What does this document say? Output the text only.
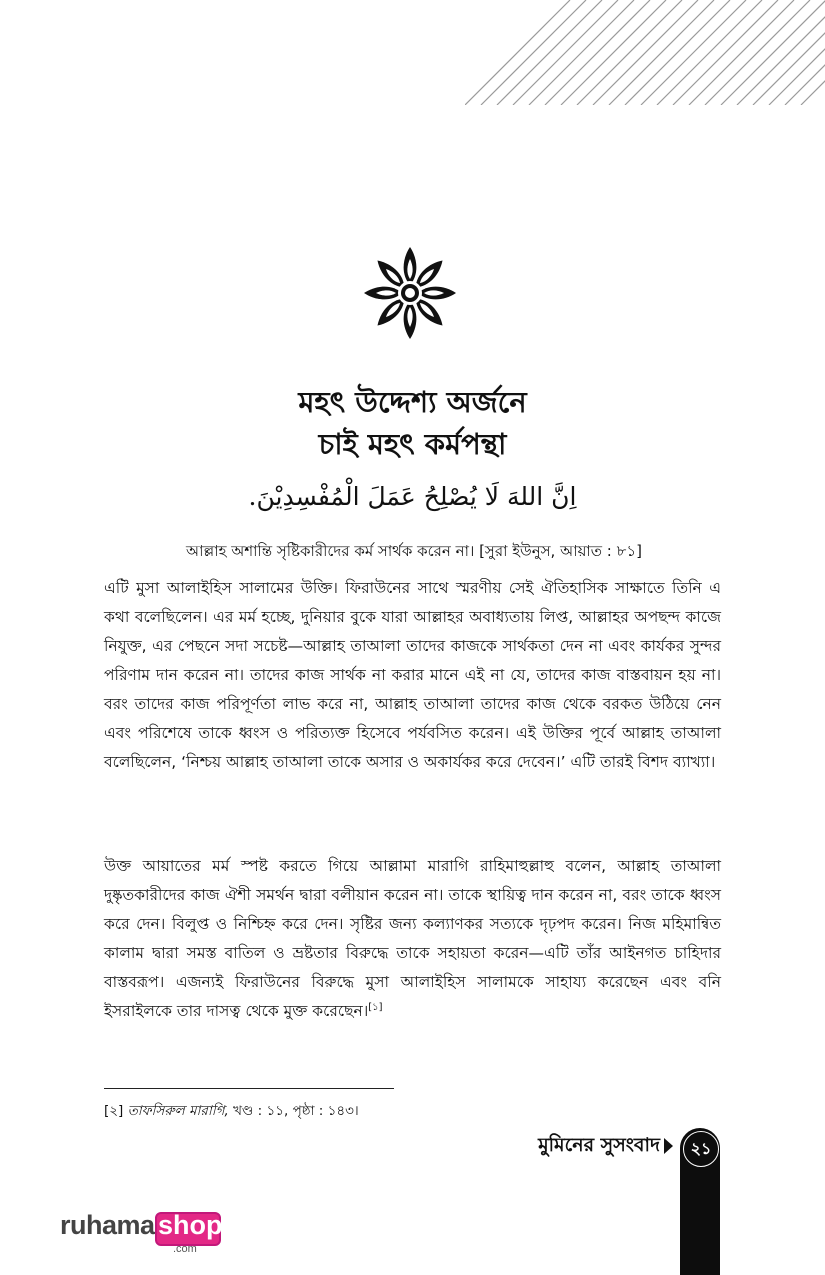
মহৎ উদ্দেশ্য অর্জনে
চাই মহৎ কর্মপন্থা
اِنَّ اللهَ لَا يُصْلِحُ عَمَلَ الْمُفْسِدِيْنَ.
আল্লাহ অশান্তি সৃষ্টিকারীদের কর্ম সার্থক করেন না। [সুরা ইউনুস, আয়াত : ৮১]

এটি মুসা আলাইহিস সালামের উক্তি। ফিরাউনের সাথে স্মরণীয় সেই ঐতিহাসিক সাক্ষাতে তিনি এ কথা বলেছিলেন। এর মর্ম হচ্ছে, দুনিয়ার বুকে যারা আল্লাহর অবাধ্যতায় লিপ্ত, আল্লাহর অপছন্দ কাজে নিযুক্ত, এর পেছনে সদা সচেষ্ট—আল্লাহ তাআলা তাদের কাজকে সার্থকতা দেন না এবং কার্যকর সুন্দর পরিণাম দান করেন না। তাদের কাজ সার্থক না করার মানে এই না যে, তাদের কাজ বাস্তবায়ন হয় না। বরং তাদের কাজ পরিপূর্ণতা লাভ করে না, আল্লাহ তাআলা তাদের কাজ থেকে বরকত উঠিয়ে নেন এবং পরিশেষে তাকে ধ্বংস ও পরিত্যক্ত হিসেবে পর্যবসিত করেন। এই উক্তির পূর্বে আল্লাহ তাআলা বলেছিলেন, ‘নিশ্চয় আল্লাহ তাআলা তাকে অসার ও অকার্যকর করে দেবেন।’ এটি তারই বিশদ ব্যাখ্যা।

উক্ত আয়াতের মর্ম স্পষ্ট করতে গিয়ে আল্লামা মারাগি রাহিমাহুল্লাহু বলেন, আল্লাহ তাআলা দুষ্কৃতকারীদের কাজ ঐশী সমর্থন দ্বারা বলীয়ান করেন না। তাকে স্থায়িত্ব দান করেন না, বরং তাকে ধ্বংস করে দেন। বিলুপ্ত ও নিশ্চিহ্ন করে দেন। সৃষ্টির জন্য কল্যাণকর সত্যকে দৃঢ়পদ করেন। নিজ মহিমান্বিত কালাম দ্বারা সমস্ত বাতিল ও ভ্রষ্টতার বিরুদ্ধে তাকে সহায়তা করেন—এটি তাঁর আইনগত চাহিদার বাস্তবরূপ। এজন্যই ফিরাউনের বিরুদ্ধে মুসা আলাইহিস সালামকে সাহায্য করেছেন এবং বনি ইসরাইলকে তার দাসত্ব থেকে মুক্ত করেছেন।[১]

[২] তাফসিরুল মারাগি, খণ্ড : ১১, পৃষ্ঠা : ১৪৩।
মুমিনের সুসংবাদ	২১
ruhama shop
.com
